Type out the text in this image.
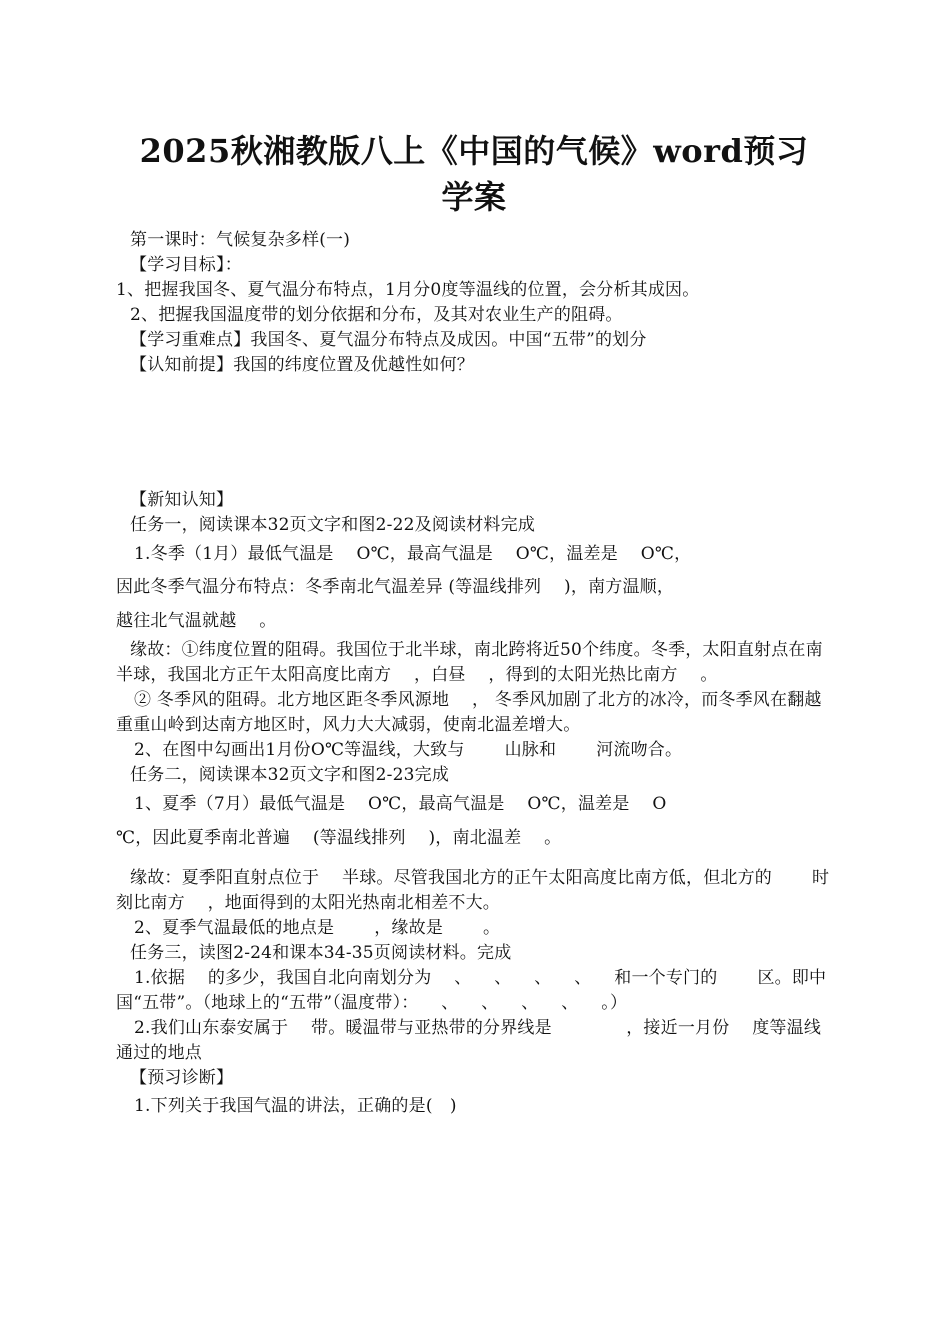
2025秋湘教版八上《中国的气候》word预习
学案
第一课时：气候复杂多样(一)
【学习目标】：
1、把握我国冬、夏气温分布特点，1月分0度等温线的位置，会分析其成因。
2、把握我国温度带的划分依据和分布，及其对农业生产的阻碍。
【学习重难点】我国冬、夏气温分布特点及成因。中国“五带”的划分
【认知前提】我国的纬度位置及优越性如何？
【新知认知】
任务一，阅读课本32页文字和图2-22及阅读材料完成
1.冬季（1月）最低气温是 　O℃，最高气温是 　O℃，温差是 　O℃，
因此冬季气温分布特点：冬季南北气温差异 (等温线排列 　)，南方温顺，
越往北气温就越 　。
缘故：①纬度位置的阻碍。我国位于北半球，南北跨将近50个纬度。冬季，太阳直射点在南半球，我国北方正午太阳高度比南方 　，白昼 　，得到的太阳光热比南方 　。
② 冬季风的阻碍。北方地区距冬季风源地 　， 冬季风加剧了北方的冰冷，而冬季风在翻越重重山岭到达南方地区时，风力大大减弱，使南北温差增大。
2、在图中勾画出1月份O℃等温线，大致与 　　山脉和 　　河流吻合。
任务二，阅读课本32页文字和图2-23完成
1、夏季（7月）最低气温是 　O℃，最高气温是 　O℃，温差是 　O
℃，因此夏季南北普遍 　(等温线排列 　)，南北温差 　。
缘故：夏季阳直射点位于 　半球。尽管我国北方的正午太阳高度比南方低，但北方的 　　时刻比南方 　，地面得到的太阳光热南北相差不大。
2、夏季气温最低的地点是 　　，缘故是 　　。
任务三，读图2-24和课本34-35页阅读材料。完成
1.依据 　的多少，我国自北向南划分为 　、 　、 　、 　、 　和一个专门的 　　区。即中国“五带”。（地球上的“五带”（温度带）： 　、 　、 　、 　、 　。）
2.我们山东泰安属于 　带。暖温带与亚热带的分界线是 　　　　，接近一月份 　度等温线通过的地点
【预习诊断】
1.下列关于我国气温的讲法，正确的是(　)
